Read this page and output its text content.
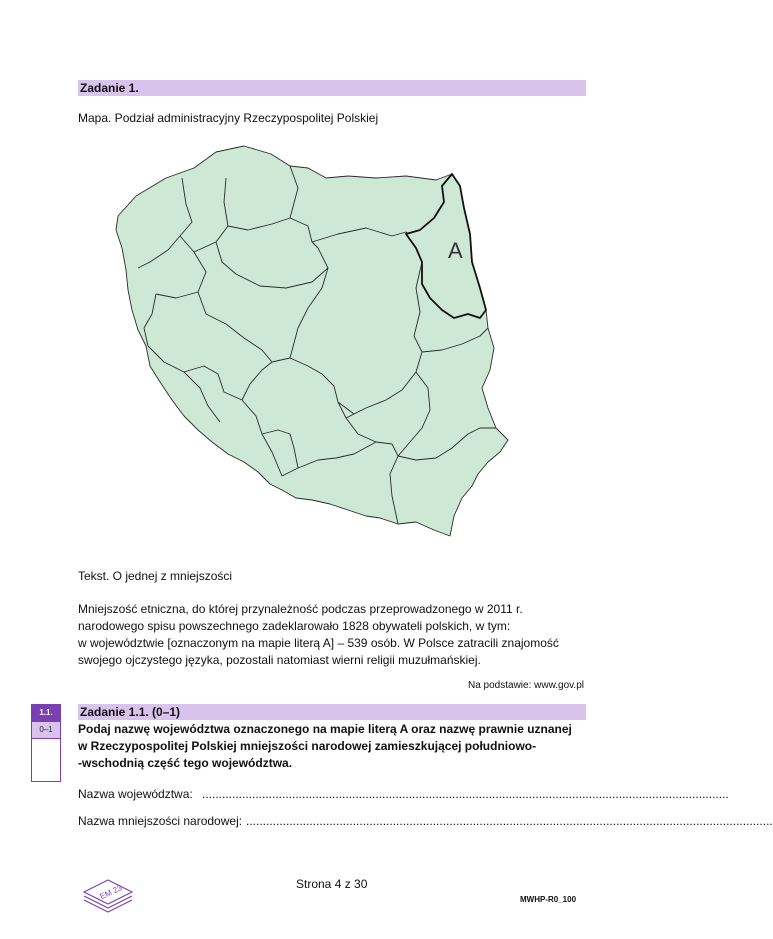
Zadanie 1.
Mapa. Podział administracyjny Rzeczypospolitej Polskiej
A
Tekst. O jednej z mniejszości
Mniejszość etniczna, do której przynależność podczas przeprowadzonego w 2011 r.
narodowego spisu powszechnego zadeklarowało 1828 obywateli polskich, w tym:
w województwie [oznaczonym na mapie literą A] – 539 osób. W Polsce zatracili znajomość
swojego ojczystego języka, pozostali natomiast wierni religii muzułmańskiej.
Na podstawie: www.gov.pl
1.1.
0–1
Zadanie 1.1. (0–1)
Podaj nazwę województwa oznaczonego na mapie literą A oraz nazwę prawnie uznanej
w Rzeczypospolitej Polskiej mniejszości narodowej zamieszkującej południowo-
-wschodnią część tego województwa.
Nazwa województwa: ..............................................................................................................................................................
Nazwa mniejszości narodowej: ..............................................................................................................................................................
EM 23	Strona 4 z 30
MWHP-R0_100
